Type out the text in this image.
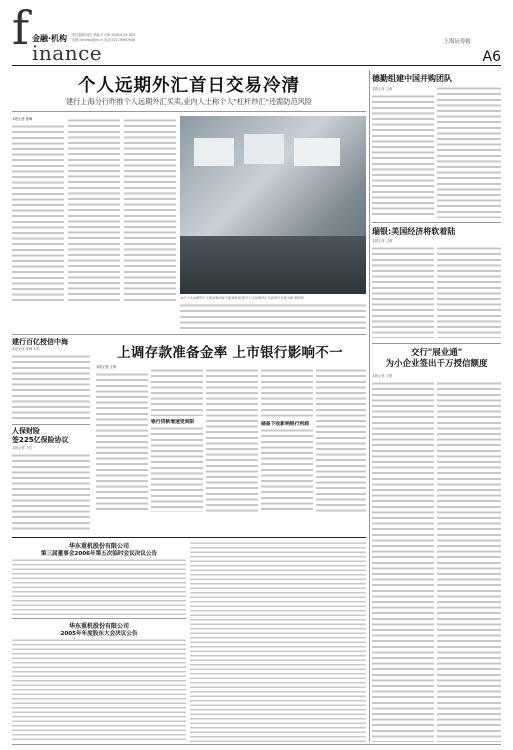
f 金融·机构
inance
责任编辑:林岳 美编:方可涛 2006.6.29 周四
电邮:fcjnews@ce.cn 电话:021-38967648	上海证券报
A6
个人远期外汇首日交易冷清
建行上海分行昨推个人远期外汇买卖,业内人士称个人"杠杆炒汇"还需防范风险
本报记者 夏峰
由于个人远期外汇买卖业务尚处于起步阶段,建行个人远期外汇买卖首日交易冷清 资料图
建行百亿授信中海
本报记者 夏峰 朱绍
人保财险
签225亿保险协议
本报记者 卢佳
上调存款准备金率 上市银行影响不一
本报记者 王明
银行贷款增速受到限	储备下收影响银行利润
华东重机股份有限公司
第三届董事会2006年第五次临时会议决议公告
华东重机股份有限公司
2005年年度股东大会决议公告
德勤组建中国并购团队
本报记者 卫康
瑞银:美国经济将软着陆
本报记者 卫康
交行"展业通"
为小企业签出千万授信额度
本报记者 卫康
